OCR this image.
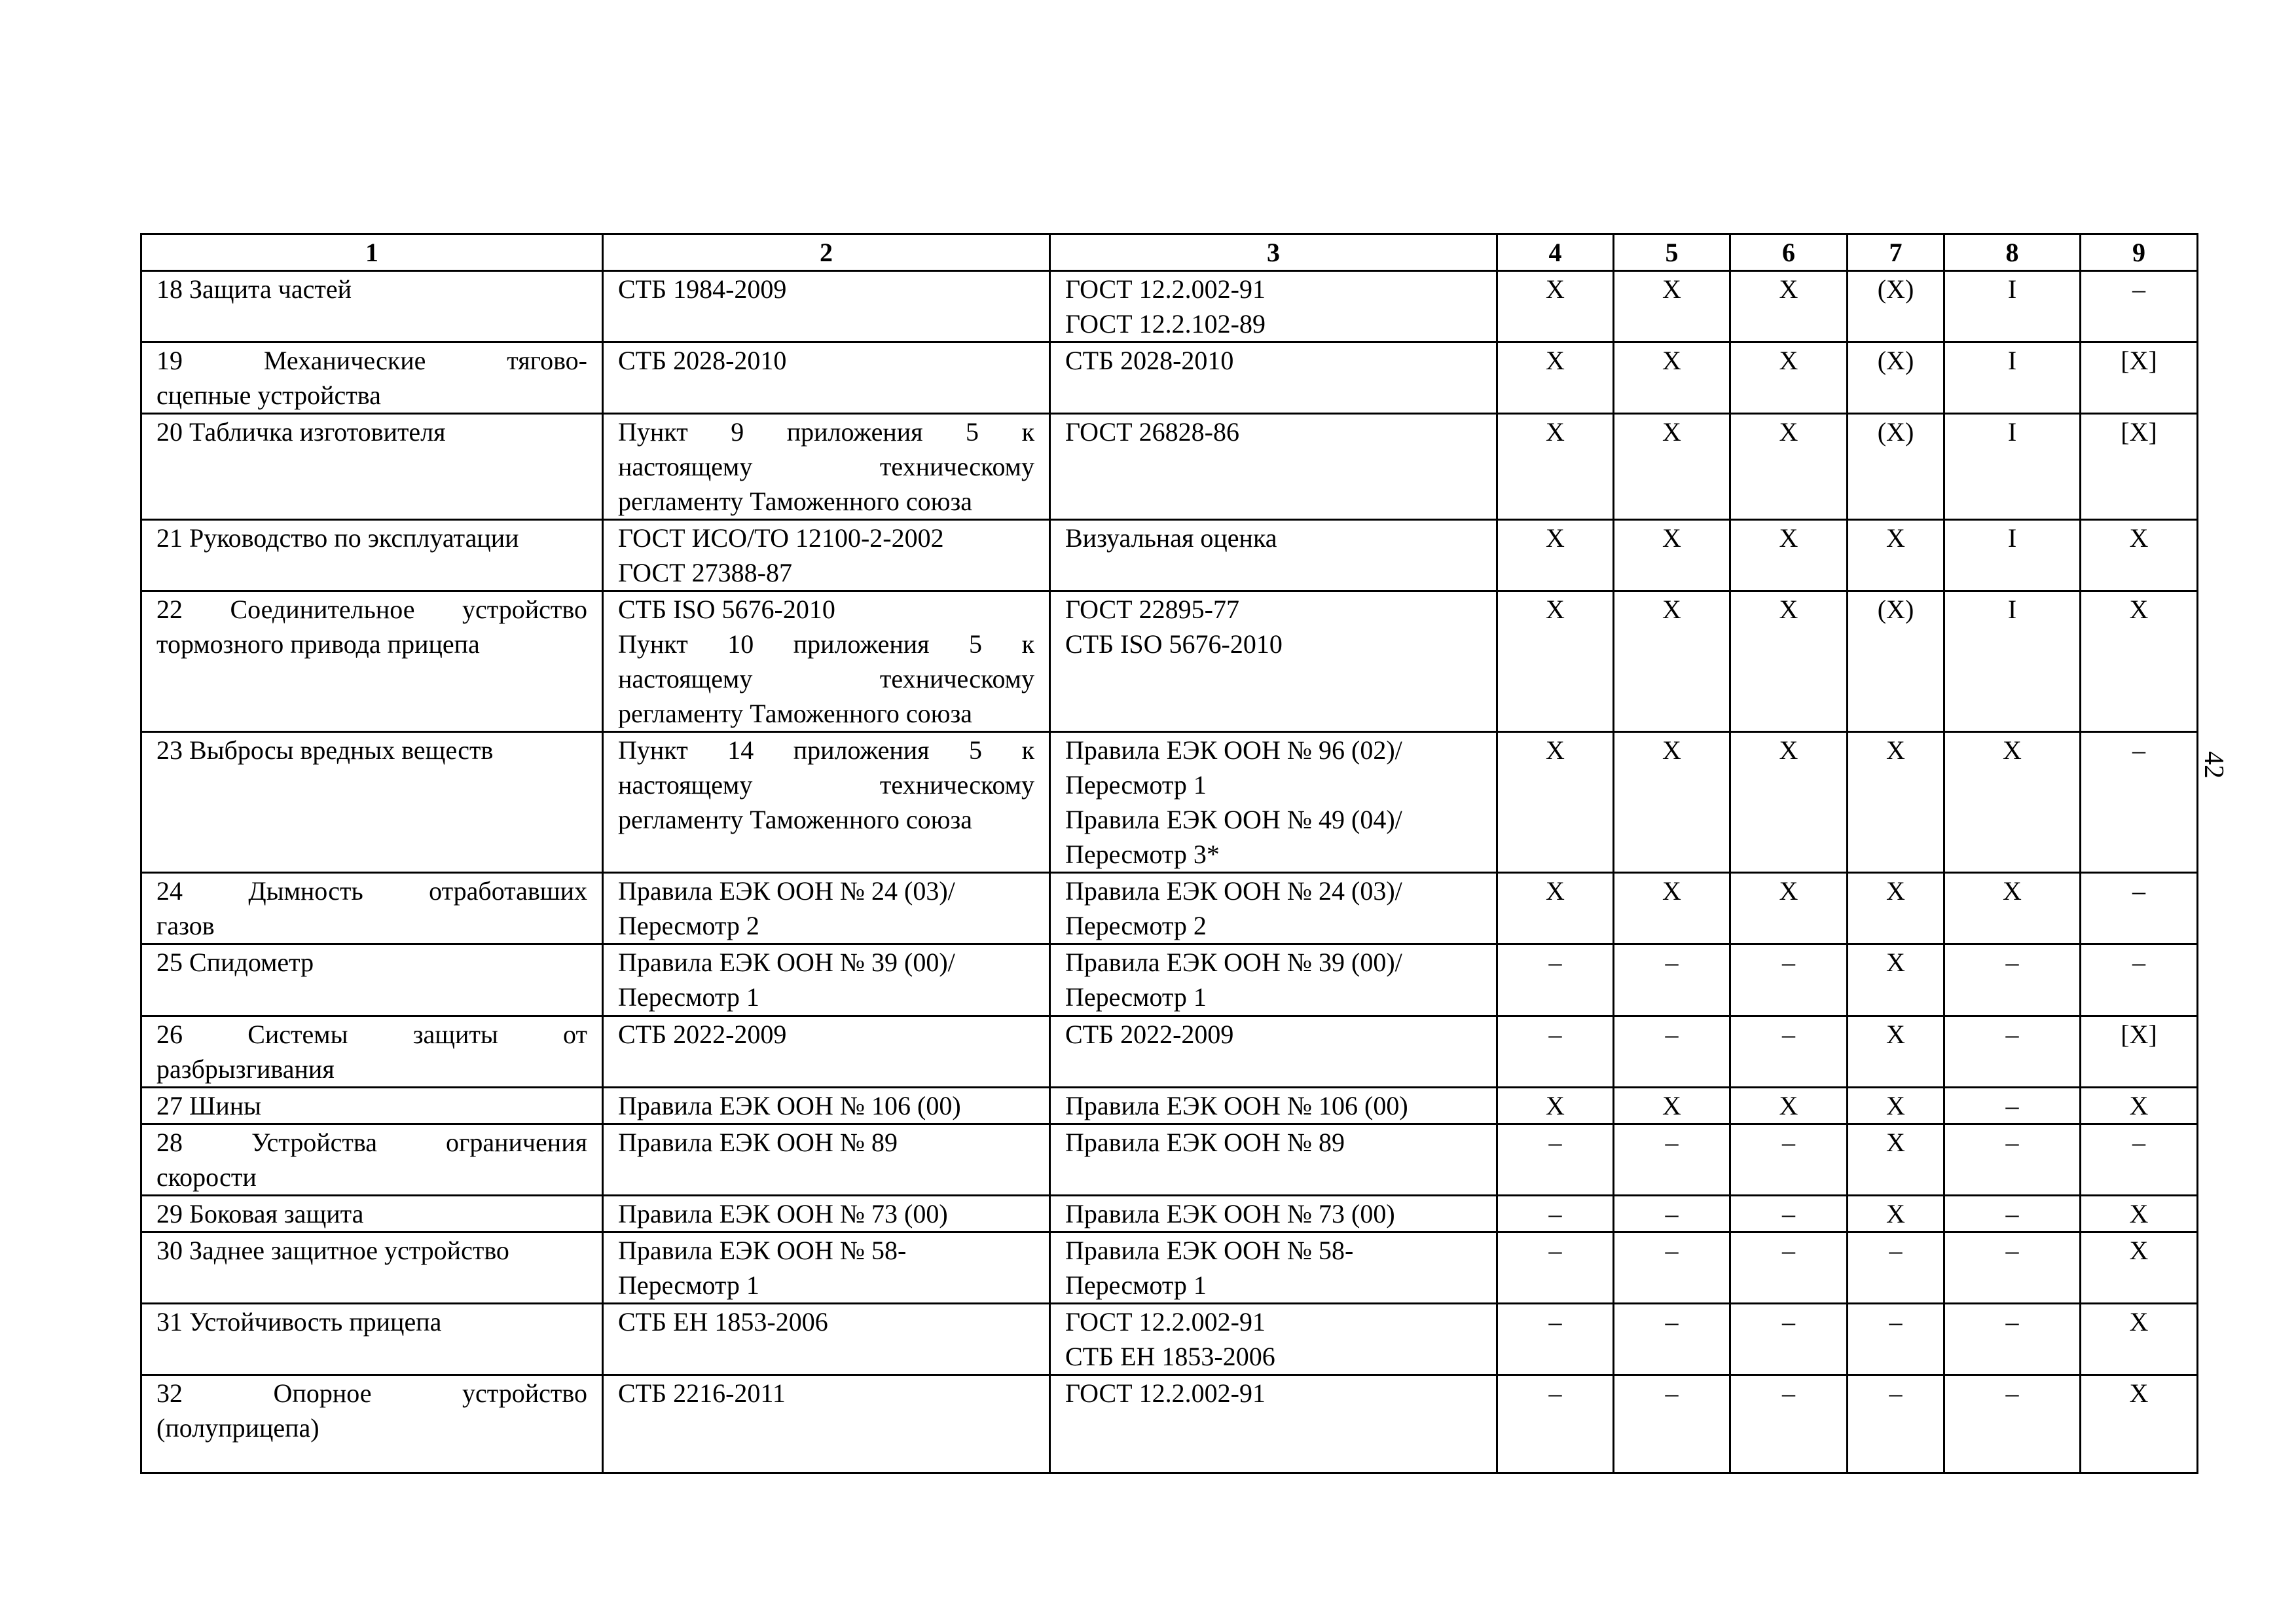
1	2	3	4	5	6	7	8	9

18 Защита частей	СТБ 1984-2009	ГОСТ 12.2.002-91
ГОСТ 12.2.102-89	X	X	X	(X)	I	–

19 Механические тягово-
сцепные устройства	СТБ 2028-2010	СТБ 2028-2010	X	X	X	(X)	I	[X]

20 Табличка изготовителя	Пункт 9 приложения 5 к
настоящему техническому
регламенту Таможенного союза	ГОСТ 26828-86	X	X	X	(X)	I	[X]

21 Руководство по эксплуатации	ГОСТ ИСО/ТО 12100-2-2002
ГОСТ 27388-87	Визуальная оценка	X	X	X	X	I	X

22 Соединительное устройство
тормозного привода прицепа	СТБ ISO 5676-2010
Пункт 10 приложения 5 к
настоящему техническому
регламенту Таможенного союза	ГОСТ 22895-77
СТБ ISO 5676-2010	X	X	X	(X)	I	X

23 Выбросы вредных веществ	Пункт 14 приложения 5 к
настоящему техническому
регламенту Таможенного союза	Правила ЕЭК ООН № 96 (02)/
Пересмотр 1
Правила ЕЭК ООН № 49 (04)/
Пересмотр 3*	X	X	X	X	X	–

24 Дымность отработавших
газов	Правила ЕЭК ООН № 24 (03)/
Пересмотр 2	Правила ЕЭК ООН № 24 (03)/
Пересмотр 2	X	X	X	X	X	–

25 Спидометр	Правила ЕЭК ООН № 39 (00)/
Пересмотр 1	Правила ЕЭК ООН № 39 (00)/
Пересмотр 1	–	–	–	X	–	–

26 Системы защиты от
разбрызгивания	СТБ 2022-2009	СТБ 2022-2009	–	–	–	X	–	[X]

27 Шины	Правила ЕЭК ООН № 106 (00)	Правила ЕЭК ООН № 106 (00)	X	X	X	X	–	X

28 Устройства ограничения
скорости	Правила ЕЭК ООН № 89	Правила ЕЭК ООН № 89	–	–	–	X	–	–

29 Боковая защита	Правила ЕЭК ООН № 73 (00)	Правила ЕЭК ООН № 73 (00)	–	–	–	X	–	X

30 Заднее защитное устройство	Правила ЕЭК ООН № 58-
Пересмотр 1	Правила ЕЭК ООН № 58-
Пересмотр 1	–	–	–	–	–	X

31 Устойчивость прицепа	СТБ ЕН 1853-2006	ГОСТ 12.2.002-91
СТБ ЕН 1853-2006	–	–	–	–	–	X

32 Опорное устройство
(полуприцепа)	СТБ 2216-2011	ГОСТ 12.2.002-91	–	–	–	–	–	X
42
